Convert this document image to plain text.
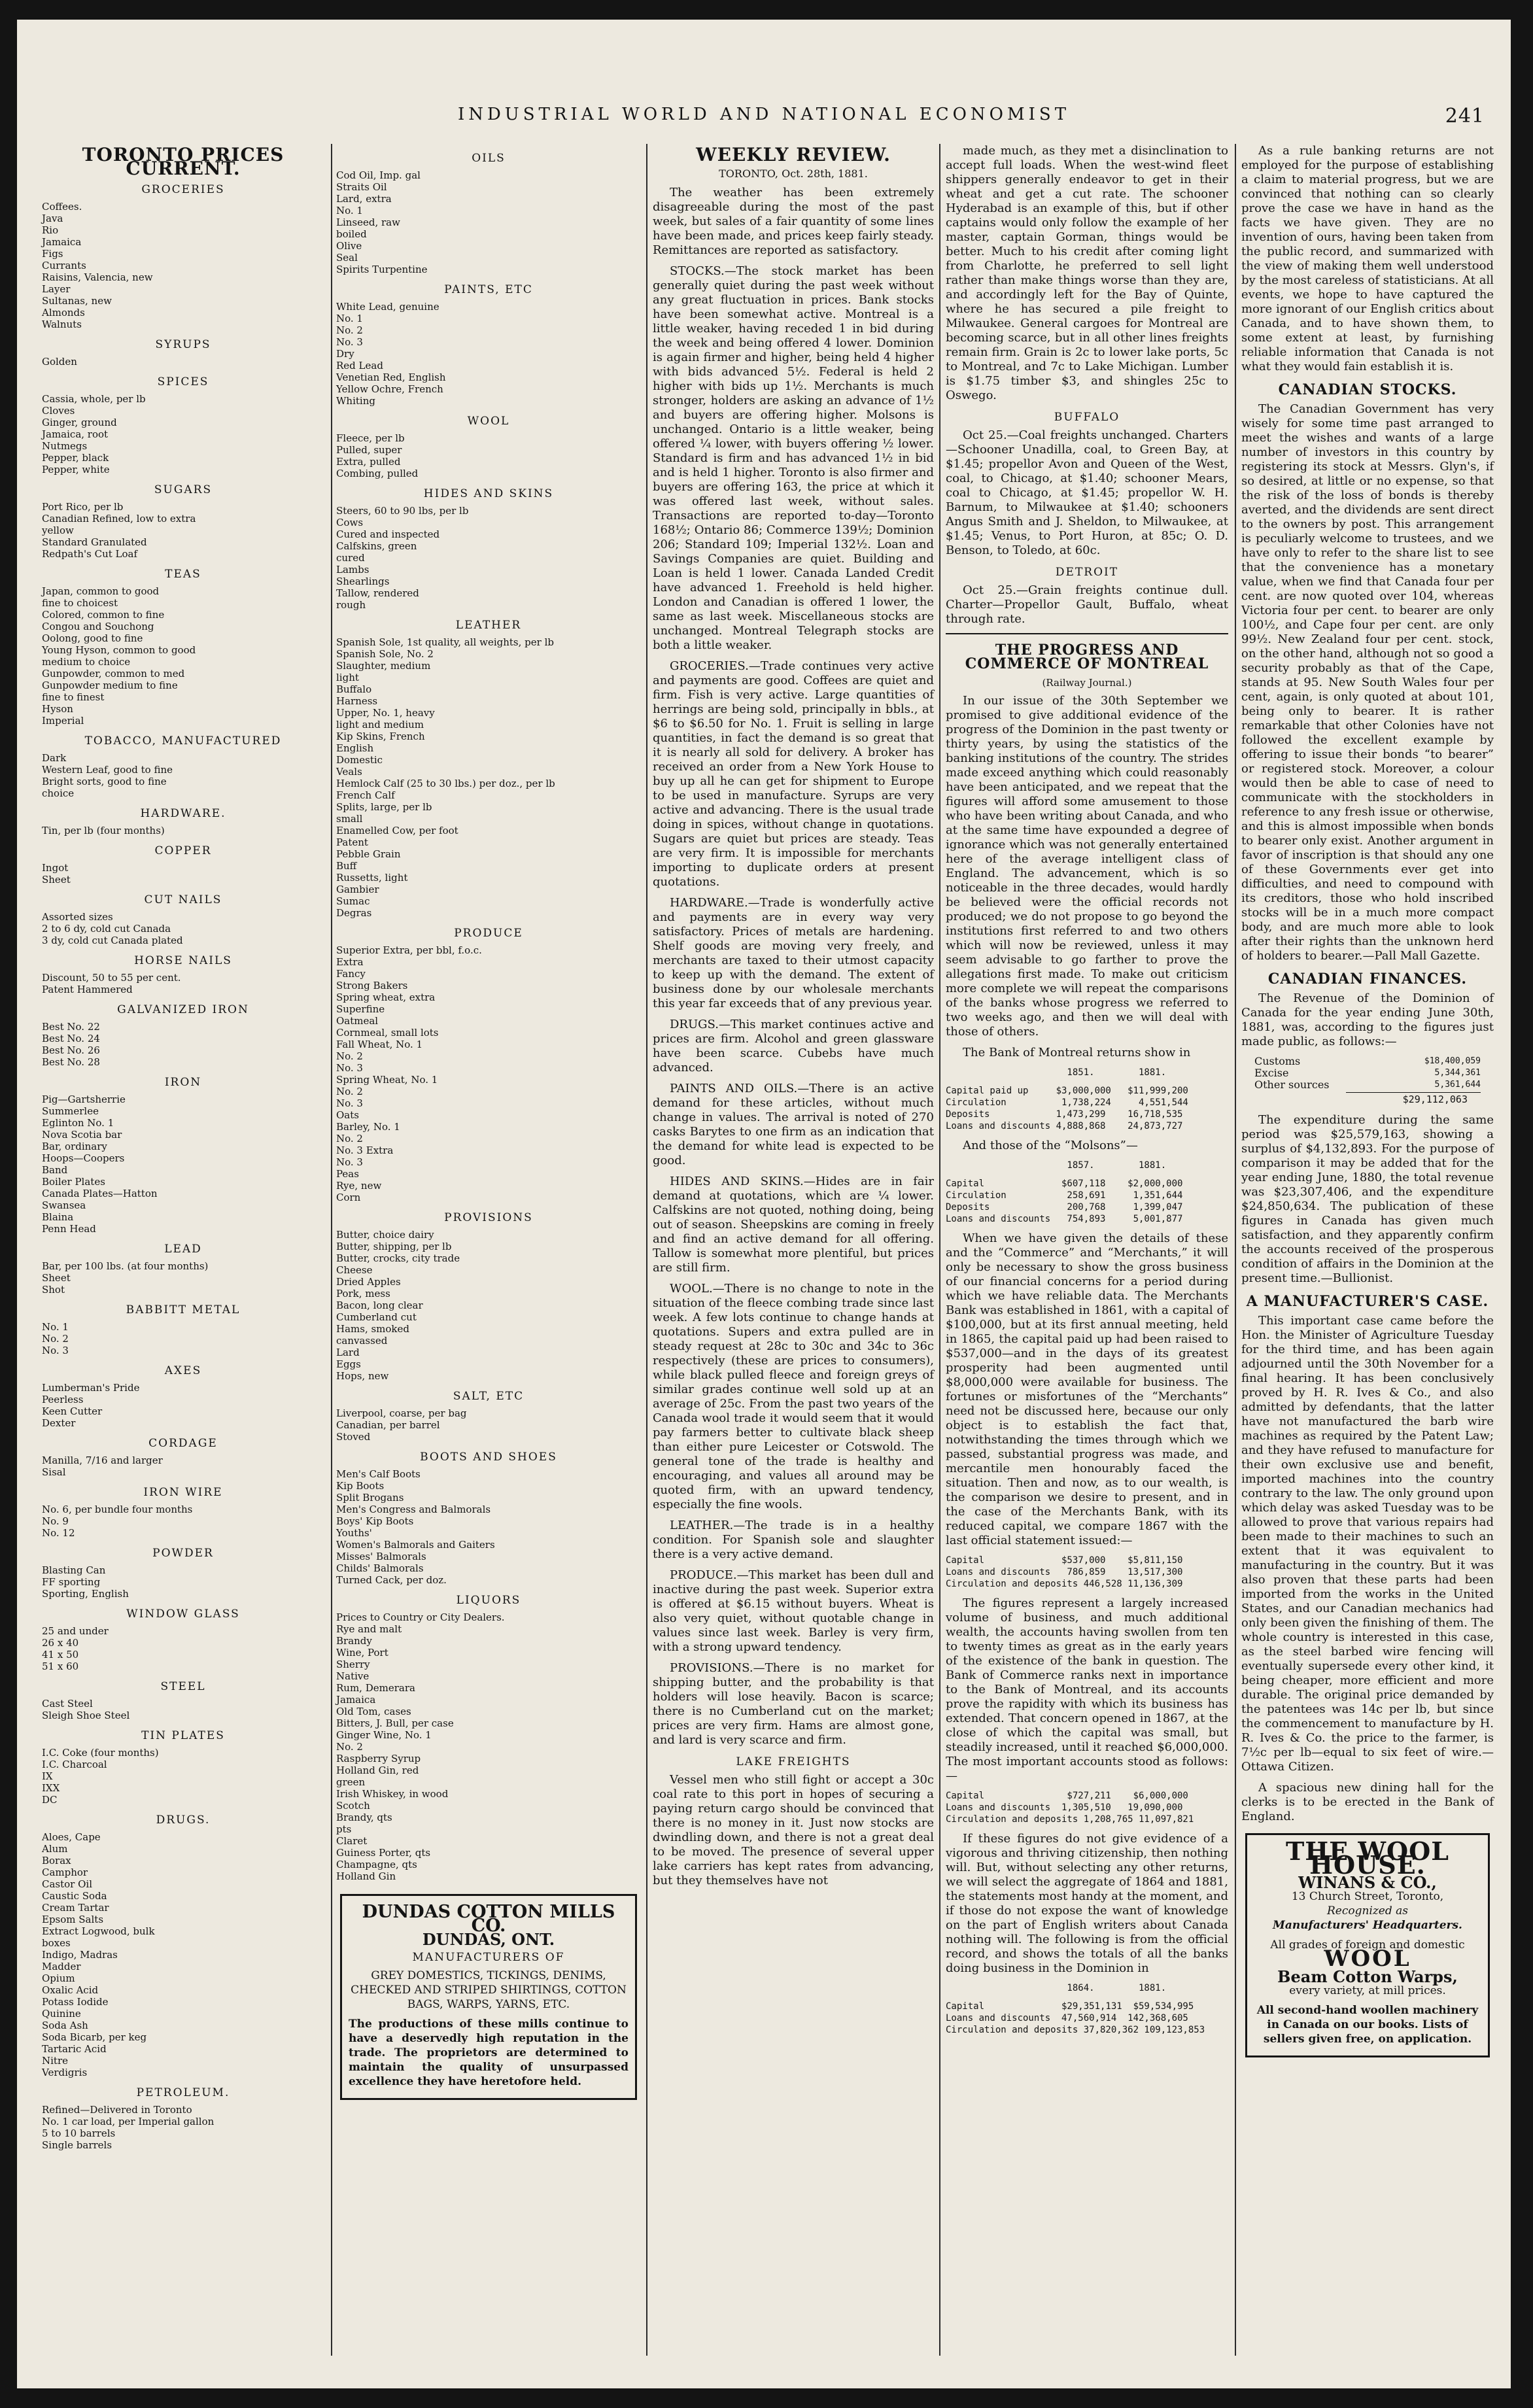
INDUSTRIAL WORLD AND NATIONAL ECONOMIST	241
TORONTO PRICES CURRENT.
GROCERIES
Coffees.
Java
Rio
Jamaica
Figs
Currants
Raisins, Valencia, new
Layer
Sultanas, new
Almonds
Walnuts
SYRUPS
Golden
SPICES
Cassia, whole, per lb
Cloves
Ginger, ground
Jamaica, root
Nutmegs
Pepper, black
Pepper, white
SUGARS
Port Rico, per lb
Canadian Refined, low to extra
yellow
Standard Granulated
Redpath's Cut Loaf
TEAS
Japan, common to good
fine to choicest
Colored, common to fine
Congou and Souchong
Oolong, good to fine
Young Hyson, common to good
medium to choice
Gunpowder, common to med
Gunpowder medium to fine
fine to finest
Hyson
Imperial
TOBACCO, MANUFACTURED
Dark
Western Leaf, good to fine
Bright sorts, good to fine
choice
HARDWARE.
Tin, per lb (four months)
COPPER
Ingot
Sheet
CUT NAILS
Assorted sizes
2 to 6 dy, cold cut Canada
3 dy, cold cut Canada plated
HORSE NAILS
Discount, 50 to 55 per cent.
Patent Hammered
GALVANIZED IRON
Best No. 22
Best No. 24
Best No. 26
Best No. 28
IRON
Pig—Gartsherrie
Summerlee
Eglinton No. 1
Nova Scotia bar
Bar, ordinary
Hoops—Coopers
Band
Boiler Plates
Canada Plates—Hatton
Swansea
Blaina
Penn Head
LEAD
Bar, per 100 lbs. (at four months)
Sheet
Shot
BABBITT METAL
No. 1
No. 2
No. 3
AXES
Lumberman's Pride
Peerless
Keen Cutter
Dexter
CORDAGE
Manilla, 7/16 and larger
Sisal
IRON WIRE
No. 6, per bundle four months
No. 9
No. 12
POWDER
Blasting Can
FF sporting
Sporting, English
WINDOW GLASS
25 and under
26 x 40
41 x 50
51 x 60
STEEL
Cast Steel
Sleigh Shoe Steel
TIN PLATES
I.C. Coke (four months)
I.C. Charcoal
IX
IXX
DC
DRUGS.
Aloes, Cape
Alum
Borax
Camphor
Castor Oil
Caustic Soda
Cream Tartar
Epsom Salts
Extract Logwood, bulk
boxes
Indigo, Madras
Madder
Opium
Oxalic Acid
Potass Iodide
Quinine
Soda Ash
Soda Bicarb, per keg
Tartaric Acid
Nitre
Verdigris
PETROLEUM.
Refined—Delivered in Toronto
No. 1 car load, per Imperial gallon
5 to 10 barrels
Single barrels
OILS
Cod Oil, Imp. gal
Straits Oil
Lard, extra
No. 1
Linseed, raw
boiled
Olive
Seal
Spirits Turpentine
PAINTS, ETC
White Lead, genuine
No. 1
No. 2
No. 3
Dry
Red Lead
Venetian Red, English
Yellow Ochre, French
Whiting
WOOL
Fleece, per lb
Pulled, super
Extra, pulled
Combing, pulled
HIDES AND SKINS
Steers, 60 to 90 lbs, per lb
Cows
Cured and inspected
Calfskins, green
cured
Lambs
Shearlings
Tallow, rendered
rough
LEATHER
Spanish Sole, 1st quality, all weights, per lb
Spanish Sole, No. 2
Slaughter, medium
light
Buffalo
Harness
Upper, No. 1, heavy
light and medium
Kip Skins, French
English
Domestic
Veals
Hemlock Calf (25 to 30 lbs.) per doz., per lb
French Calf
Splits, large, per lb
small
Enamelled Cow, per foot
Patent
Pebble Grain
Buff
Russetts, light
Gambier
Sumac
Degras
PRODUCE
Superior Extra, per bbl, f.o.c.
Extra
Fancy
Strong Bakers
Spring wheat, extra
Superfine
Oatmeal
Cornmeal, small lots
Fall Wheat, No. 1
No. 2
No. 3
Spring Wheat, No. 1
No. 2
No. 3
Oats
Barley, No. 1
No. 2
No. 3 Extra
No. 3
Peas
Rye, new
Corn
PROVISIONS
Butter, choice dairy
Butter, shipping, per lb
Butter, crocks, city trade
Cheese
Dried Apples
Pork, mess
Bacon, long clear
Cumberland cut
Hams, smoked
canvassed
Lard
Eggs
Hops, new
SALT, ETC
Liverpool, coarse, per bag
Canadian, per barrel
Stoved
BOOTS AND SHOES
Men's Calf Boots
Kip Boots
Split Brogans
Men's Congress and Balmorals
Boys' Kip Boots
Youths'
Women's Balmorals and Gaiters
Misses' Balmorals
Childs' Balmorals
Turned Cack, per doz.
LIQUORS
Prices to Country or City Dealers.
Rye and malt
Brandy
Wine, Port
Sherry
Native
Rum, Demerara
Jamaica
Old Tom, cases
Bitters, J. Bull, per case
Ginger Wine, No. 1
No. 2
Raspberry Syrup
Holland Gin, red
green
Irish Whiskey, in wood
Scotch
Brandy, qts
pts
Claret
Guiness Porter, qts
Champagne, qts
Holland Gin
DUNDAS COTTON MILLS CO.
DUNDAS, ONT.
MANUFACTURERS OF
GREY DOMESTICS, TICKINGS, DENIMS, CHECKED AND STRIPED SHIRTINGS, COTTON BAGS, WARPS, YARNS, ETC.
The productions of these mills continue to have a deservedly high reputation in the trade. The proprietors are determined to maintain the quality of unsurpassed excellence they have heretofore held.
WEEKLY REVIEW.
TORONTO, Oct. 28th, 1881.

The weather has been extremely disagreeable during the most of the past week, but sales of a fair quantity of some lines have been made, and prices keep fairly steady. Remittances are reported as satisfactory.

STOCKS.—The stock market has been generally quiet during the past week without any great fluctuation in prices. Bank stocks have been somewhat active. Montreal is a little weaker, having receded 1 in bid during the week and being offered 4 lower. Dominion is again firmer and higher, being held 4 higher with bids advanced 5½. Federal is held 2 higher with bids up 1½. Merchants is much stronger, holders are asking an advance of 1½ and buyers are offering higher. Molsons is unchanged. Ontario is a little weaker, being offered ¼ lower, with buyers offering ½ lower. Standard is firm and has advanced 1½ in bid and is held 1 higher. Toronto is also firmer and buyers are offering 163, the price at which it was offered last week, without sales. Transactions are reported to-day—Toronto 168½; Ontario 86; Commerce 139½; Dominion 206; Standard 109; Imperial 132½. Loan and Savings Companies are quiet. Building and Loan is held 1 lower. Canada Landed Credit have advanced 1. Freehold is held higher. London and Canadian is offered 1 lower, the same as last week. Miscellaneous stocks are unchanged. Montreal Telegraph stocks are both a little weaker.

GROCERIES.—Trade continues very active and payments are good. Coffees are quiet and firm. Fish is very active. Large quantities of herrings are being sold, principally in bbls., at $6 to $6.50 for No. 1. Fruit is selling in large quantities, in fact the demand is so great that it is nearly all sold for delivery. A broker has received an order from a New York House to buy up all he can get for shipment to Europe to be used in manufacture. Syrups are very active and advancing. There is the usual trade doing in spices, without change in quotations. Sugars are quiet but prices are steady. Teas are very firm. It is impossible for merchants importing to duplicate orders at present quotations.

HARDWARE.—Trade is wonderfully active and payments are in every way very satisfactory. Prices of metals are hardening. Shelf goods are moving very freely, and merchants are taxed to their utmost capacity to keep up with the demand. The extent of business done by our wholesale merchants this year far exceeds that of any previous year.

DRUGS.—This market continues active and prices are firm. Alcohol and green glassware have been scarce. Cubebs have much advanced.

PAINTS AND OILS.—There is an active demand for these articles, without much change in values. The arrival is noted of 270 casks Barytes to one firm as an indication that the demand for white lead is expected to be good.

HIDES AND SKINS.—Hides are in fair demand at quotations, which are ¼ lower. Calfskins are not quoted, nothing doing, being out of season. Sheepskins are coming in freely and find an active demand for all offering. Tallow is somewhat more plentiful, but prices are still firm.

WOOL.—There is no change to note in the situation of the fleece combing trade since last week. A few lots continue to change hands at quotations. Supers and extra pulled are in steady request at 28c to 30c and 34c to 36c respectively (these are prices to consumers), while black pulled fleece and foreign greys of similar grades continue well sold up at an average of 25c. From the past two years of the Canada wool trade it would seem that it would pay farmers better to cultivate black sheep than either pure Leicester or Cotswold. The general tone of the trade is healthy and encouraging, and values all around may be quoted firm, with an upward tendency, especially the fine wools.

LEATHER.—The trade is in a healthy condition. For Spanish sole and slaughter there is a very active demand.

PRODUCE.—This market has been dull and inactive during the past week. Superior extra is offered at $6.15 without buyers. Wheat is also very quiet, without quotable change in values since last week. Barley is very firm, with a strong upward tendency.

PROVISIONS.—There is no market for shipping butter, and the probability is that holders will lose heavily. Bacon is scarce; there is no Cumberland cut on the market; prices are very firm. Hams are almost gone, and lard is very scarce and firm.

LAKE FREIGHTS

Vessel men who still fight or accept a 30c coal rate to this port in hopes of securing a paying return cargo should be convinced that there is no money in it. Just now stocks are dwindling down, and there is not a great deal to be moved. The presence of several upper lake carriers has kept rates from advancing, but they themselves have not

made much, as they met a disinclination to accept full loads. When the west-wind fleet shippers generally endeavor to get in their wheat and get a cut rate. The schooner Hyderabad is an example of this, but if other captains would only follow the example of her master, captain Gorman, things would be better. Much to his credit after coming light from Charlotte, he preferred to sell light rather than make things worse than they are, and accordingly left for the Bay of Quinte, where he has secured a pile freight to Milwaukee. General cargoes for Montreal are becoming scarce, but in all other lines freights remain firm. Grain is 2c to lower lake ports, 5c to Montreal, and 7c to Lake Michigan. Lumber is $1.75 timber $3, and shingles 25c to Oswego.

BUFFALO

Oct 25.—Coal freights unchanged. Charters—Schooner Unadilla, coal, to Green Bay, at $1.45; propellor Avon and Queen of the West, coal, to Chicago, at $1.40; schooner Mears, coal to Chicago, at $1.45; propellor W. H. Barnum, to Milwaukee at $1.40; schooners Angus Smith and J. Sheldon, to Milwaukee, at $1.45; Venus, to Port Huron, at 85c; O. D. Benson, to Toledo, at 60c.

DETROIT

Oct 25.—Grain freights continue dull. Charter—Propellor Gault, Buffalo, wheat through rate.

THE PROGRESS AND COMMERCE OF MONTREAL
(Railway Journal.)

In our issue of the 30th September we promised to give additional evidence of the progress of the Dominion in the past twenty or thirty years, by using the statistics of the banking institutions of the country. The strides made exceed anything which could reasonably have been anticipated, and we repeat that the figures will afford some amusement to those who have been writing about Canada, and who at the same time have expounded a degree of ignorance which was not generally entertained here of the average intelligent class of England. The advancement, which is so noticeable in the three decades, would hardly be believed were the official records not produced; we do not propose to go beyond the institutions first referred to and two others which will now be reviewed, unless it may seem advisable to go farther to prove the allegations first made. To make out criticism more complete we will repeat the comparisons of the banks whose progress we referred to two weeks ago, and then we will deal with those of others.

The Bank of Montreal returns show in

1851.        1881.
Capital paid up     $3,000,000   $11,999,200
Circulation          1,738,224     4,551,544
Deposits            1,473,299    16,718,535
Loans and discounts 4,888,868    24,873,727

And those of the “Molsons”—

1857.        1881.
Capital              $607,118    $2,000,000
Circulation           258,691     1,351,644
Deposits              200,768     1,399,047
Loans and discounts   754,893     5,001,877

When we have given the details of these and the “Commerce” and “Merchants,” it will only be necessary to show the gross business of our financial concerns for a period during which we have reliable data. The Merchants Bank was established in 1861, with a capital of $100,000, but at its first annual meeting, held in 1865, the capital paid up had been raised to $537,000—and in the days of its greatest prosperity had been augmented until $8,000,000 were available for business. The fortunes or misfortunes of the “Merchants” need not be discussed here, because our only object is to establish the fact that, notwithstanding the times through which we passed, substantial progress was made, and mercantile men honourably faced the situation. Then and now, as to our wealth, is the comparison we desire to present, and in the case of the Merchants Bank, with its reduced capital, we compare 1867 with the last official statement issued:—

Capital              $537,000    $5,811,150
Loans and discounts   786,859    13,517,300
Circulation and deposits 446,528 11,136,309

The figures represent a largely increased volume of business, and much additional wealth, the accounts having swollen from ten to twenty times as great as in the early years of the existence of the bank in question. The Bank of Commerce ranks next in importance to the Bank of Montreal, and its accounts prove the rapidity with which its business has extended. That concern opened in 1867, at the close of which the capital was small, but steadily increased, until it reached $6,000,000. The most important accounts stood as follows:—

Capital               $727,211    $6,000,000
Loans and discounts  1,305,510   19,090,000
Circulation and deposits 1,208,765 11,097,821

If these figures do not give evidence of a vigorous and thriving citizenship, then nothing will. But, without selecting any other returns, we will select the aggregate of 1864 and 1881, the statements most handy at the moment, and if those do not expose the want of knowledge on the part of English writers about Canada nothing will. The following is from the official record, and shows the totals of all the banks doing business in the Dominion in

1864.        1881.
Capital              $29,351,131  $59,534,995
Loans and discounts  47,560,914  142,368,605
Circulation and deposits 37,820,362 109,123,853

As a rule banking returns are not employed for the purpose of establishing a claim to material progress, but we are convinced that nothing can so clearly prove the case we have in hand as the facts we have given. They are no invention of ours, having been taken from the public record, and summarized with the view of making them well understood by the most careless of statisticians. At all events, we hope to have captured the more ignorant of our English critics about Canada, and to have shown them, to some extent at least, by furnishing reliable information that Canada is not what they would fain establish it is.

CANADIAN STOCKS.

The Canadian Government has very wisely for some time past arranged to meet the wishes and wants of a large number of investors in this country by registering its stock at Messrs. Glyn's, if so desired, at little or no expense, so that the risk of the loss of bonds is thereby averted, and the dividends are sent direct to the owners by post. This arrangement is peculiarly welcome to trustees, and we have only to refer to the share list to see that the convenience has a monetary value, when we find that Canada four per cent. are now quoted over 104, whereas Victoria four per cent. to bearer are only 100½, and Cape four per cent. are only 99½. New Zealand four per cent. stock, on the other hand, although not so good a security probably as that of the Cape, stands at 95. New South Wales four per cent, again, is only quoted at about 101, being only to bearer. It is rather remarkable that other Colonies have not followed the excellent example by offering to issue their bonds “to bearer” or registered stock. Moreover, a colour would then be able to case of need to communicate with the stockholders in reference to any fresh issue or otherwise, and this is almost impossible when bonds to bearer only exist. Another argument in favor of inscription is that should any one of these Governments ever get into difficulties, and need to compound with its creditors, those who hold inscribed stocks will be in a much more compact body, and are much more able to look after their rights than the unknown herd of holders to bearer.—Pall Mall Gazette.

CANADIAN FINANCES.

The Revenue of the Dominion of Canada for the year ending June 30th, 1881, was, according to the figures just made public, as follows:—

Customs	$18,400,059
Excise	5,344,361
Other sources	5,361,644
$29,112,063

The expenditure during the same period was $25,579,163, showing a surplus of $4,132,893. For the purpose of comparison it may be added that for the year ending June, 1880, the total revenue was $23,307,406, and the expenditure $24,850,634. The publication of these figures in Canada has given much satisfaction, and they apparently confirm the accounts received of the prosperous condition of affairs in the Dominion at the present time.—Bullionist.

A MANUFACTURER'S CASE.

This important case came before the Hon. the Minister of Agriculture Tuesday for the third time, and has been again adjourned until the 30th November for a final hearing. It has been conclusively proved by H. R. Ives & Co., and also admitted by defendants, that the latter have not manufactured the barb wire machines as required by the Patent Law; and they have refused to manufacture for their own exclusive use and benefit, imported machines into the country contrary to the law. The only ground upon which delay was asked Tuesday was to be allowed to prove that various repairs had been made to their machines to such an extent that it was equivalent to manufacturing in the country. But it was also proven that these parts had been imported from the works in the United States, and our Canadian mechanics had only been given the finishing of them. The whole country is interested in this case, as the steel barbed wire fencing will eventually supersede every other kind, it being cheaper, more efficient and more durable. The original price demanded by the patentees was 14c per lb, but since the commencement to manufacture by H. R. Ives & Co. the price to the farmer, is 7½c per lb—equal to six feet of wire.—Ottawa Citizen.

A spacious new dining hall for the clerks is to be erected in the Bank of England.

THE WOOL HOUSE.
WINANS & CO.,
13 Church Street, Toronto,
Recognized as
Manufacturers' Headquarters.
All grades of foreign and domestic
WOOL
Beam Cotton Warps,
every variety, at mill prices.
All second-hand woollen machinery in Canada on our books. Lists of sellers given free, on application.
